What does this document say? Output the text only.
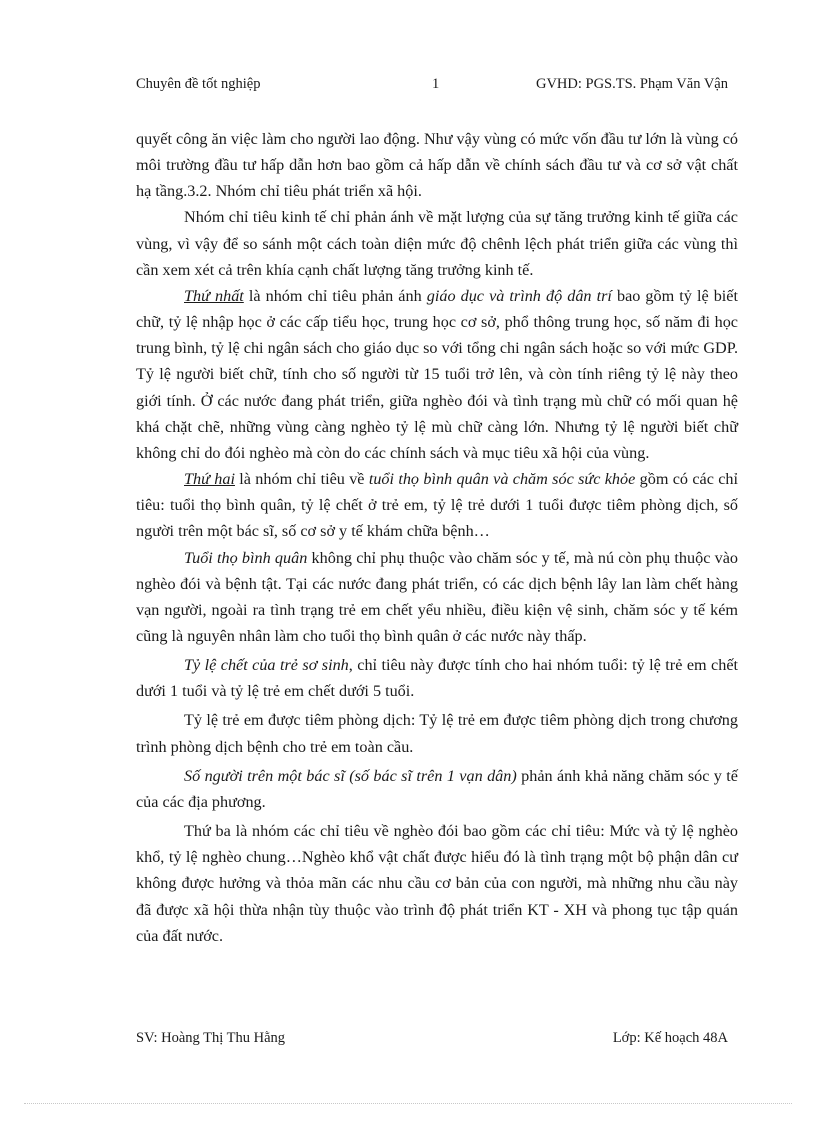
Chuyên đề tốt nghiệp	1	GVHD: PGS.TS. Phạm Văn Vận

quyết công ăn việc làm cho người lao động. Như vậy vùng có mức vốn đầu tư lớn là vùng có môi trường đầu tư hấp dẫn hơn bao gồm cả hấp dẫn về chính sách đầu tư và cơ sở vật chất hạ tầng.3.2. Nhóm chỉ tiêu phát triển xã hội.

Nhóm chỉ tiêu kinh tế chỉ phản ánh về mặt lượng của sự tăng trưởng kinh tế giữa các vùng, vì vậy để so sánh một cách toàn diện mức độ chênh lệch phát triển giữa các vùng thì cần xem xét cả trên khía cạnh chất lượng tăng trưởng kinh tế.

Thứ nhất là nhóm chỉ tiêu phản ánh giáo dục và trình độ dân trí bao gồm tỷ lệ biết chữ, tỷ lệ nhập học ở các cấp tiểu học, trung học cơ sở, phổ thông trung học, số năm đi học trung bình, tỷ lệ chi ngân sách cho giáo dục so với tổng chi ngân sách hoặc so với mức GDP. Tỷ lệ người biết chữ, tính cho số người từ 15 tuổi trở lên, và còn tính riêng tỷ lệ này theo giới tính. Ở các nước đang phát triển, giữa nghèo đói và tình trạng mù chữ có mối quan hệ khá chặt chẽ, những vùng càng nghèo tỷ lệ mù chữ càng lớn. Nhưng tỷ lệ người biết chữ không chỉ do đói nghèo mà còn do các chính sách và mục tiêu xã hội của vùng.

Thứ hai là nhóm chỉ tiêu về tuổi thọ bình quân và chăm sóc sức khỏe gồm có các chỉ tiêu: tuổi thọ bình quân, tỷ lệ chết ở trẻ em, tỷ lệ trẻ dưới 1 tuổi được tiêm phòng dịch, số người trên một bác sĩ, số cơ sở y tế khám chữa bệnh…

Tuổi thọ bình quân không chỉ phụ thuộc vào chăm sóc y tế, mà nú còn phụ thuộc vào nghèo đói và bệnh tật. Tại các nước đang phát triển, có các dịch bệnh lây lan làm chết hàng vạn người, ngoài ra tình trạng trẻ em chết yểu nhiều, điều kiện vệ sinh, chăm sóc y tế kém cũng là nguyên nhân làm cho tuổi thọ bình quân ở các nước này thấp.

Tỷ lệ chết của trẻ sơ sinh, chỉ tiêu này được tính cho hai nhóm tuổi: tỷ lệ trẻ em chết dưới 1 tuổi và tỷ lệ trẻ em chết dưới 5 tuổi.

Tỷ lệ trẻ em được tiêm phòng dịch: Tỷ lệ trẻ em được tiêm phòng dịch trong chương trình phòng dịch bệnh cho trẻ em toàn cầu.

Số người trên một bác sĩ (số bác sĩ trên 1 vạn dân) phản ánh khả năng chăm sóc y tế của các địa phương.

Thứ ba là nhóm các chỉ tiêu về nghèo đói bao gồm các chỉ tiêu: Mức và tỷ lệ nghèo khổ, tỷ lệ nghèo chung…Nghèo khổ vật chất được hiểu đó là tình trạng một bộ phận dân cư không được hưởng và thỏa mãn các nhu cầu cơ bản của con người, mà những nhu cầu này đã được xã hội thừa nhận tùy thuộc vào trình độ phát triển KT - XH và phong tục tập quán của đất nước.

SV: Hoàng Thị Thu Hằng	Lớp: Kế hoạch 48A
